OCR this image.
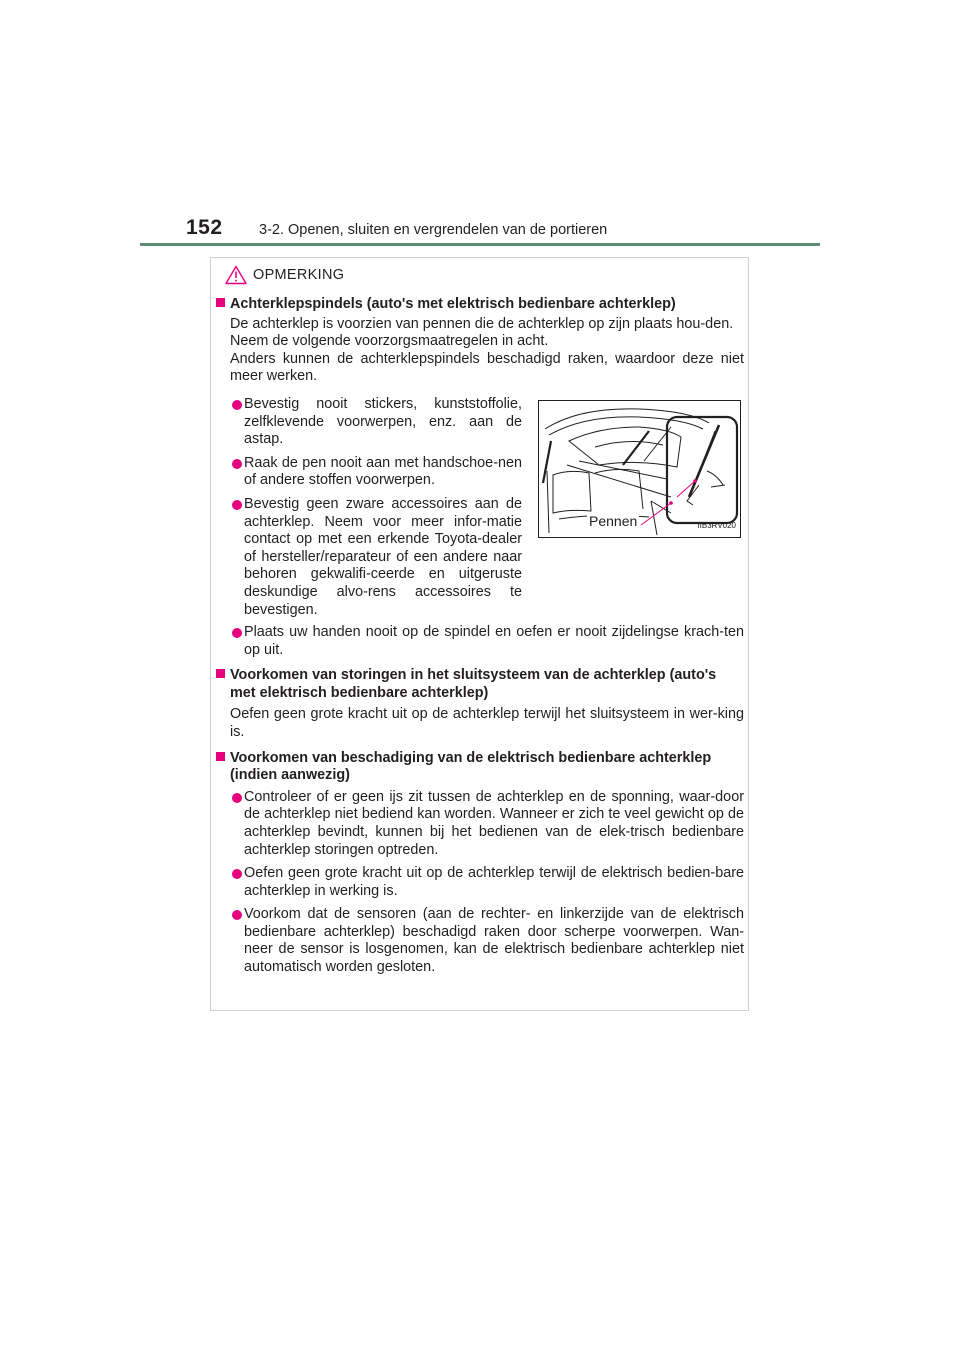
152	3-2. Openen, sluiten en vergrendelen van de portieren
OPMERKING

Achterklepspindels (auto's met elektrisch bedienbare achterklep)

De achterklep is voorzien van pennen die de achterklep op zijn plaats hou-den.
Neem de volgende voorzorgsmaatregelen in acht.
Anders kunnen de achterklepspindels beschadigd raken, waardoor deze niet meer werken.

Bevestig nooit stickers, kunststoffolie, zelfklevende voorwerpen, enz. aan de astap.

Raak de pen nooit aan met handschoe-nen of andere stoffen voorwerpen.

Bevestig geen zware accessoires aan de achterklep. Neem voor meer infor-matie contact op met een erkende Toyota-dealer of hersteller/reparateur of een andere naar behoren gekwalifi-ceerde en uitgeruste deskundige alvo-rens accessoires te bevestigen.

Pennen	IIB3RV020

Plaats uw handen nooit op de spindel en oefen er nooit zijdelingse krach-ten op uit.

Voorkomen van storingen in het sluitsysteem van de achterklep (auto's met elektrisch bedienbare achterklep)

Oefen geen grote kracht uit op de achterklep terwijl het sluitsysteem in wer-king is.

Voorkomen van beschadiging van de elektrisch bedienbare achterklep (indien aanwezig)

Controleer of er geen ijs zit tussen de achterklep en de sponning, waar-door de achterklep niet bediend kan worden. Wanneer er zich te veel gewicht op de achterklep bevindt, kunnen bij het bedienen van de elek-trisch bedienbare achterklep storingen optreden.

Oefen geen grote kracht uit op de achterklep terwijl de elektrisch bedien-bare achterklep in werking is.

Voorkom dat de sensoren (aan de rechter- en linkerzijde van de elektrisch bedienbare achterklep) beschadigd raken door scherpe voorwerpen. Wan-neer de sensor is losgenomen, kan de elektrisch bedienbare achterklep niet automatisch worden gesloten.
